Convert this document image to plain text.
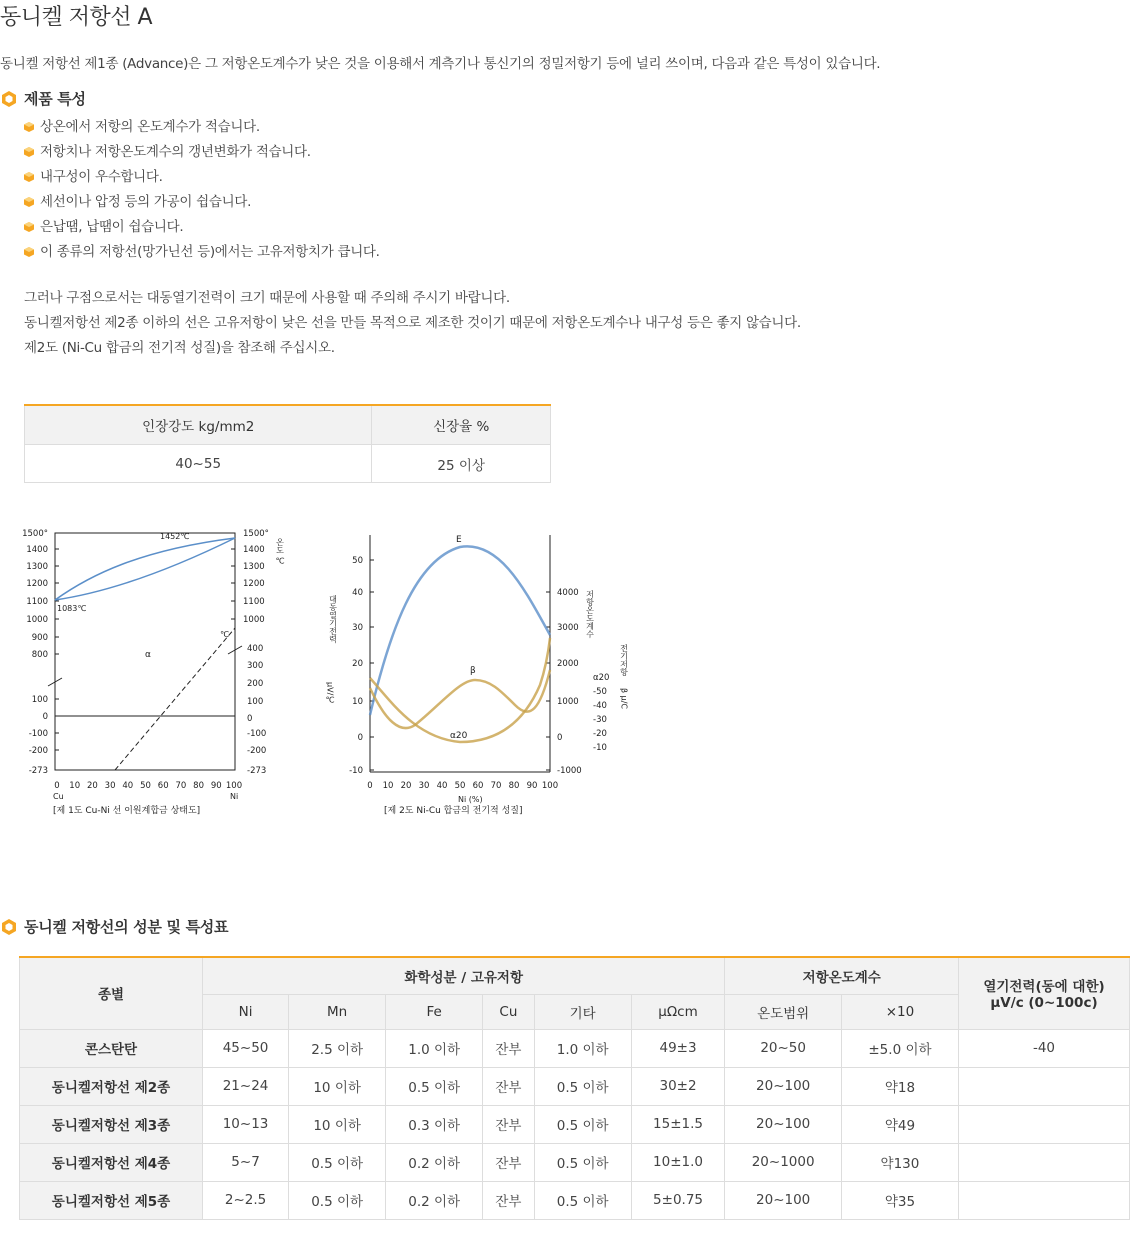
동니켈 저항선 A
동니켈 저항선 제1종 (Advance)은 그 저항온도계수가 낮은 것을 이용해서 계측기나 통신기의 정밀저항기 등에 널리 쓰이며, 다음과 같은 특성이 있습니다.
제품 특성
상온에서 저항의 온도계수가 적습니다.
저항치나 저항온도계수의 갱년변화가 적습니다.
내구성이 우수합니다.
세선이나 압정 등의 가공이 쉽습니다.
은납땜, 납땜이 쉽습니다.
이 종류의 저항선(망가닌선 등)에서는 고유저항치가 큽니다.
그러나 구점으로서는 대동열기전력이 크기 때문에 사용할 때 주의해 주시기 바랍니다.
동니켈저항선 제2종 이하의 선은 고유저항이 낮은 선을 만들 목적으로 제조한 것이기 때문에 저항온도계수나 내구성 등은 좋지 않습니다.
제2도 (Ni-Cu 합금의 전기적 성질)을 참조해 주십시오.
인장강도 kg/mm2	신장율 %
40~55	25 이상
1500°
1400
1300
1200
1100
1000
900
800
100
0
-100
-200
-273
1500°
1400
1300
1200
1100
1000
400
300
200
100
0
-100
-200
-273
0 10 20 30 40 50 60 70 80 90 100
1452℃
1083℃
α
℃
온도 ℃
Cu	Ni
[제 1도 Cu-Ni 선 이원계합금 상태도]
50
40
30
20
10
0
-10
4000
3000
2000
1000
0
-1000
α20
-50
-40
-30
-20
-10
0 10 20 30 40 50 60 70 80 90 100
E
β
α20
대동열기전력
μV/℃
저항온도계수
전기저항
β μ/C
Ni (%)
[제 2도 Ni-Cu 합금의 전기적 성질]
동니켈 저항선의 성분 및 특성표
종별	화학성분 / 고유저항						저항온도계수		열기전력(동에 대한)
μV/c (0~100c)

	Ni	Mn	Fe	Cu	기타	μΩcm	온도범위	×10	
콘스탄탄	45~50	2.5 이하	1.0 이하	잔부	1.0 이하	49±3	20~50	±5.0 이하	-40
동니켈저항선 제2종	21~24	10 이하	0.5 이하	잔부	0.5 이하	30±2	20~100	약18	
동니켈저항선 제3종	10~13	10 이하	0.3 이하	잔부	0.5 이하	15±1.5	20~100	약49	
동니켈저항선 제4종	5~7	0.5 이하	0.2 이하	잔부	0.5 이하	10±1.0	20~1000	약130	
동니켈저항선 제5종	2~2.5	0.5 이하	0.2 이하	잔부	0.5 이하	5±0.75	20~100	약35	
